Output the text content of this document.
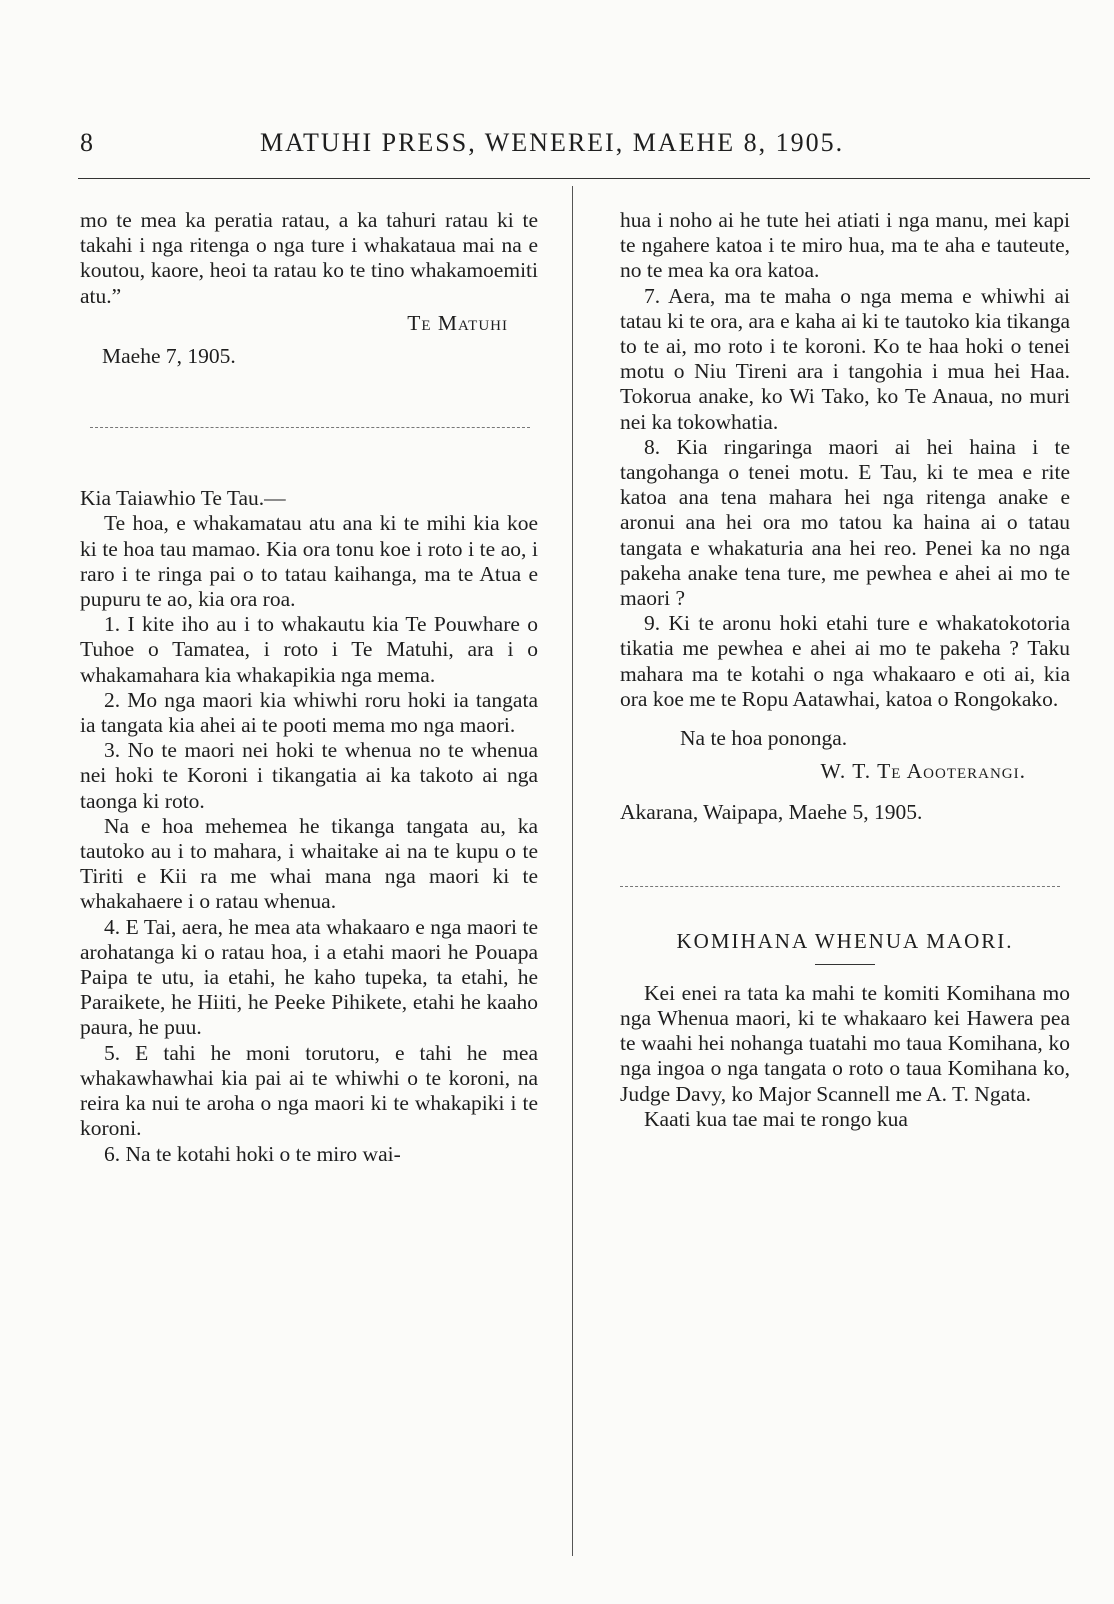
8	MATUHI PRESS, WENEREI, MAEHE 8, 1905.

mo te mea ka peratia ratau, a ka tahuri ratau ki te takahi i nga ritenga o nga ture i whakataua mai na e koutou, kaore, heoi ta ratau ko te tino whakamoemiti atu.”

Te Matuhi

Maehe 7, 1905.

Kia Taiawhio Te Tau.—

Te hoa, e whakamatau atu ana ki te mihi kia koe ki te hoa tau mamao. Kia ora tonu koe i roto i te ao, i raro i te ringa pai o to tatau kaihanga, ma te Atua e pupuru te ao, kia ora roa.

1. I kite iho au i to whakautu kia Te Pouwhare o Tuhoe o Tamatea, i roto i Te Matuhi, ara i o whakamahara kia whakapikia nga mema.

2. Mo nga maori kia whiwhi roru hoki ia tangata ia tangata kia ahei ai te pooti mema mo nga maori.

3. No te maori nei hoki te whenua no te whenua nei hoki te Koroni i tikangatia ai ka takoto ai nga taonga ki roto.

Na e hoa mehemea he tikanga tangata au, ka tautoko au i to mahara, i whaitake ai na te kupu o te Tiriti e Kii ra me whai mana nga maori ki te whakahaere i o ratau whenua.

4. E Tai, aera, he mea ata whakaaro e nga maori te arohatanga ki o ratau hoa, i a etahi maori he Pouapa Paipa te utu, ia etahi, he kaho tupeka, ta etahi, he Paraikete, he Hiiti, he Peeke Pihikete, etahi he kaaho paura, he puu.

5. E tahi he moni torutoru, e tahi he mea whakawhawhai kia pai ai te whiwhi o te koroni, na reira ka nui te aroha o nga maori ki te whakapiki i te koroni.

6. Na te kotahi hoki o te miro wai-

hua i noho ai he tute hei atiati i nga manu, mei kapi te ngahere katoa i te miro hua, ma te aha e tauteute, no te mea ka ora katoa.

7. Aera, ma te maha o nga mema e whiwhi ai tatau ki te ora, ara e kaha ai ki te tautoko kia tikanga to te ai, mo roto i te koroni. Ko te haa hoki o tenei motu o Niu Tireni ara i tangohia i mua hei Haa. Tokorua anake, ko Wi Tako, ko Te Anaua, no muri nei ka tokowhatia.

8. Kia ringaringa maori ai hei haina i te tangohanga o tenei motu. E Tau, ki te mea e rite katoa ana tena mahara hei nga ritenga anake e aronui ana hei ora mo tatou ka haina ai o tatau tangata e whakaturia ana hei reo. Penei ka no nga pakeha anake tena ture, me pewhea e ahei ai mo te maori ?

9. Ki te aronu hoki etahi ture e whakatokotoria tikatia me pewhea e ahei ai mo te pakeha ? Taku mahara ma te kotahi o nga whakaaro e oti ai, kia ora koe me te Ropu Aatawhai, katoa o Rongokako.

Na te hoa pononga.

W. T. Te Aooterangi.

Akarana, Waipapa, Maehe 5, 1905.

KOMIHANA WHENUA MAORI.

Kei enei ra tata ka mahi te komiti Komihana mo nga Whenua maori, ki te whakaaro kei Hawera pea te waahi hei nohanga tuatahi mo taua Komihana, ko nga ingoa o nga tangata o roto o taua Komihana ko, Judge Davy, ko Major Scannell me A. T. Ngata.

Kaati kua tae mai te rongo kua
